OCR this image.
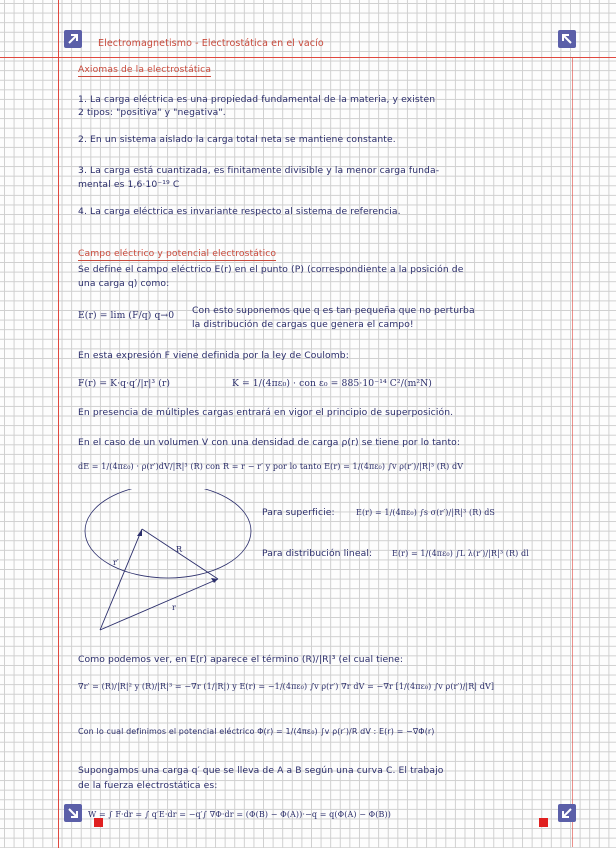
Electromagnetismo - Electrostática en el vacío
Axiomas de la electrostática
1. La carga eléctrica es una propiedad fundamental de la materia, y existen
2 tipos: "positiva" y "negativa".
2. En un sistema aislado la carga total neta se mantiene constante.
3. La carga está cuantizada, es finitamente divisible y la menor carga funda-
mental es 1,6·10⁻¹⁹ C
4. La carga eléctrica es invariante respecto al sistema de referencia.
Campo eléctrico y potencial electrostático
Se define el campo eléctrico E(r) en el punto (P) (correspondiente a la posición de
una carga q) como:
E(r) = lim (F/q) q→0 Con esto suponemos que q es tan pequeña que no perturba
la distribución de cargas que genera el campo!
En esta expresión F viene definida por la ley de Coulomb:
F(r) = K·q·q′/|r|³ (r)	K = 1/(4πε₀) · con ε₀ = 885·10⁻¹⁴ C²/(m²N)
En presencia de múltiples cargas entrará en vigor el principio de superposición.
En el caso de un volumen V con una densidad de carga ρ(r) se tiene por lo tanto:
dE = 1/(4πε₀) · ρ(r′)dV/|R|³ (R) con R = r − r′ y por lo tanto E(r) = 1/(4πε₀) ∫v ρ(r′)/|R|³ (R) dV
Para superficie:	E(r) = 1/(4πε₀) ∫s σ(r′)/|R|³ (R) dS
Para distribución lineal: E(r) = 1/(4πε₀) ∫L λ(r′)/|R|³ (R) dl
r′
R
r
Como podemos ver, en E(r) aparece el término (R)/|R|³ (el cual tiene:
∇r′ = (R)/|R|² y (R)/|R|³ = −∇r (1/|R|) y E(r) = −1/(4πε₀) ∫v ρ(r′) ∇r dV = −∇r [1/(4πε₀) ∫v ρ(r′)/|R| dV]
Con lo cual definimos el potencial eléctrico Φ(r) = 1/(4πε₀) ∫v ρ(r′)/R dV : E(r) = −∇Φ(r)
Supongamos una carga q′ que se lleva de A a B según una curva C. El trabajo
de la fuerza electrostática es:
W = ∫ F·dr = ∫ q′E·dr = −q′∫ ∇Φ·dr = (Φ(B) − Φ(A))·−q = q(Φ(A) − Φ(B))
